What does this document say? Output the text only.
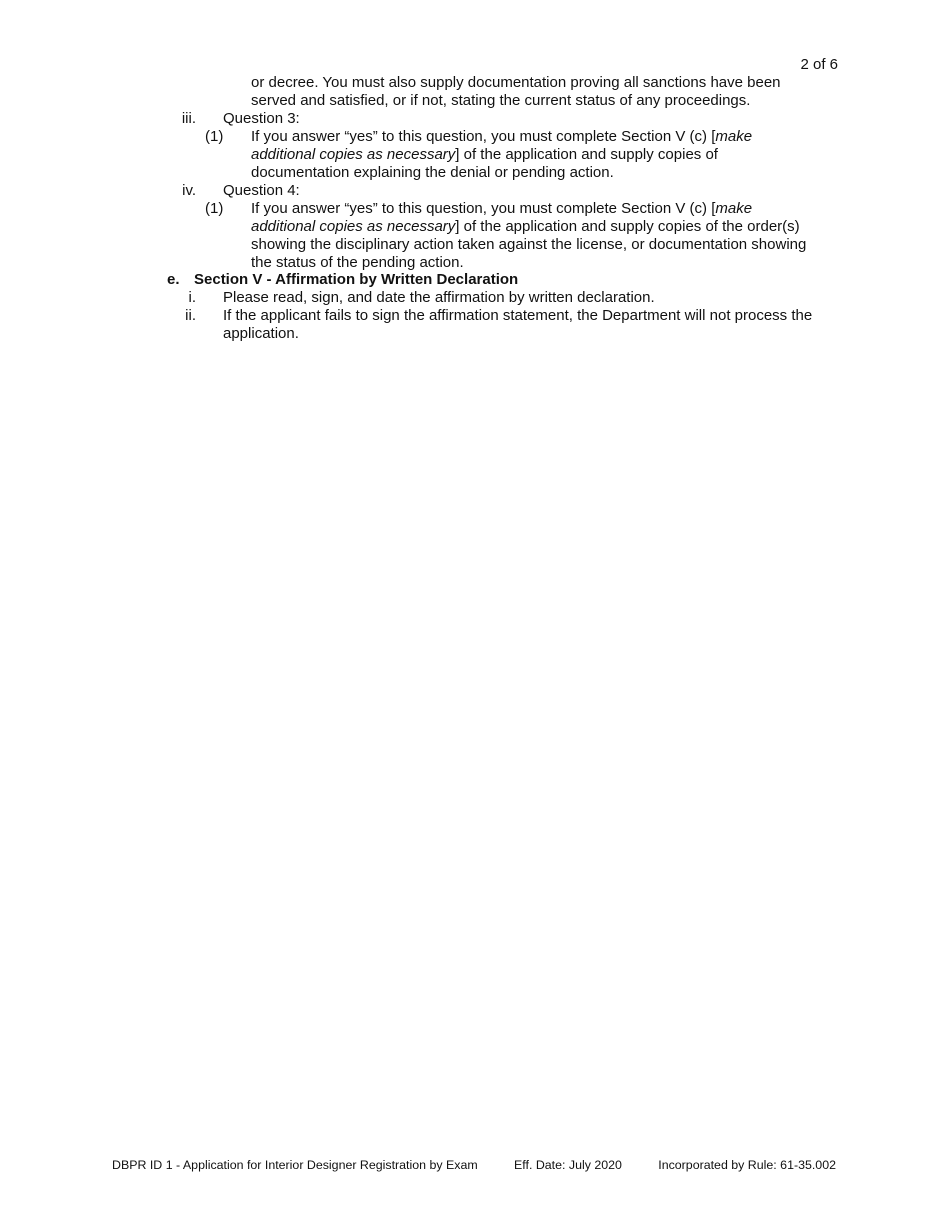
2 of 6
or decree. You must also supply documentation proving all sanctions have been
served and satisfied, or if not, stating the current status of any proceedings.
iii. Question 3:
(1) If you answer “yes” to this question, you must complete Section V (c) [make
additional copies as necessary] of the application and supply copies of
documentation explaining the denial or pending action.
iv. Question 4:
(1) If you answer “yes” to this question, you must complete Section V (c) [make
additional copies as necessary] of the application and supply copies of the order(s)
showing the disciplinary action taken against the license, or documentation showing
the status of the pending action.
e. Section V - Affirmation by Written Declaration
i. Please read, sign, and date the affirmation by written declaration.
ii. If the applicant fails to sign the affirmation statement, the Department will not process the
application.
DBPR ID 1 - Application for Interior Designer Registration by Exam	Eff. Date: July 2020	Incorporated by Rule: 61-35.002
